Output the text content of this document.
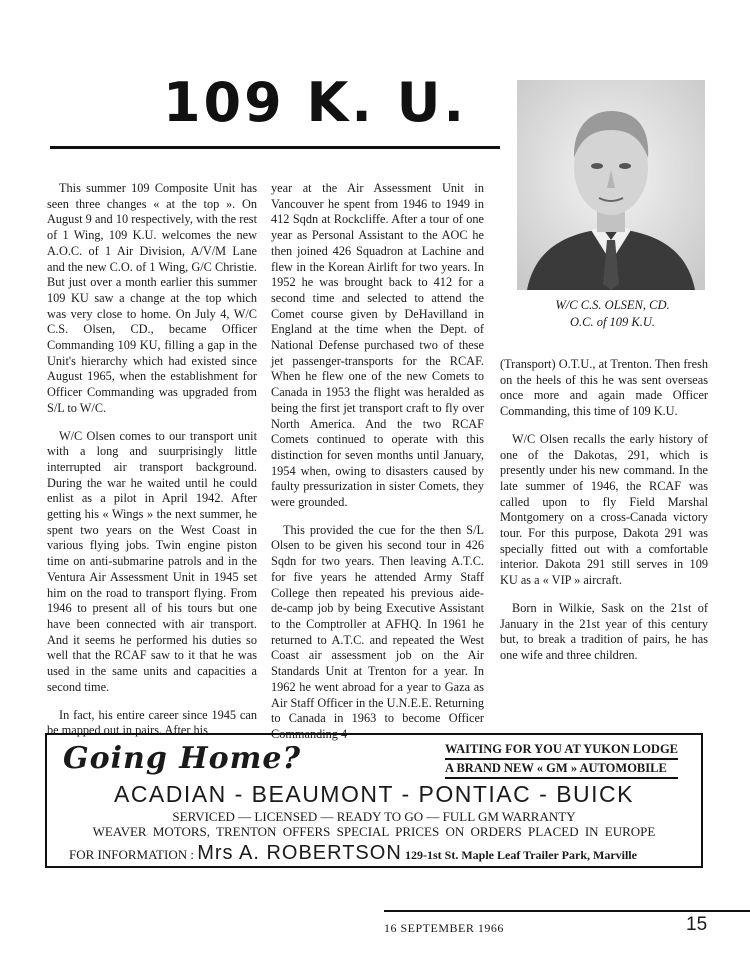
109 K. U.
W/C C.S. OLSEN, CD.
O.C. of 109 K.U.

This summer 109 Composite Unit has seen three changes « at the top ». On August 9 and 10 respectively, with the rest of 1 Wing, 109 K.U. welcomes the new A.O.C. of 1 Air Division, A/V/M Lane and the new C.O. of 1 Wing, G/C Christie. But just over a month earlier this summer 109 KU saw a change at the top which was very close to home. On July 4, W/C C.S. Olsen, CD., became Officer Commanding 109 KU, filling a gap in the Unit's hierarchy which had existed since August 1965, when the establishment for Officer Commanding was upgraded from S/L to W/C.

W/C Olsen comes to our transport unit with a long and suurprisingly little interrupted air transport background. During the war he waited until he could enlist as a pilot in April 1942. After getting his « Wings » the next summer, he spent two years on the West Coast in various flying jobs. Twin engine piston time on anti-submarine patrols and in the Ventura Air Assessment Unit in 1945 set him on the road to transport flying. From 1946 to present all of his tours but one have been connected with air transport. And it seems he performed his duties so well that the RCAF saw to it that he was used in the same units and capacities a second time.

In fact, his entire career since 1945 can be mapped out in pairs. After his

year at the Air Assessment Unit in Vancouver he spent from 1946 to 1949 in 412 Sqdn at Rockcliffe. After a tour of one year as Personal Assistant to the AOC he then joined 426 Squadron at Lachine and flew in the Korean Airlift for two years. In 1952 he was brought back to 412 for a second time and selected to attend the Comet course given by DeHavilland in England at the time when the Dept. of National Defense purchased two of these jet passenger-transports for the RCAF. When he flew one of the new Comets to Canada in 1953 the flight was heralded as being the first jet transport craft to fly over North America. And the two RCAF Comets continued to operate with this distinction for seven months until January, 1954 when, owing to disasters caused by faulty pressurization in sister Comets, they were grounded.

This provided the cue for the then S/L Olsen to be given his second tour in 426 Sqdn for two years. Then leaving A.T.C. for five years he attended Army Staff College then repeated his previous aide-de-camp job by being Executive Assistant to the Comptroller at AFHQ. In 1961 he returned to A.T.C. and repeated the West Coast air assessment job on the Air Standards Unit at Trenton for a year. In 1962 he went abroad for a year to Gaza as Air Staff Officer in the U.N.E.E. Returning to Canada in 1963 to become Officer Commanding 4

(Transport) O.T.U., at Trenton. Then fresh on the heels of this he was sent overseas once more and again made Officer Commanding, this time of 109 K.U.

W/C Olsen recalls the early history of one of the Dakotas, 291, which is presently under his new command. In the late summer of 1946, the RCAF was called upon to fly Field Marshal Montgomery on a cross-Canada victory tour. For this purpose, Dakota 291 was specially fitted out with a comfortable interior. Dakota 291 still serves in 109 KU as a « VIP » aircraft.

Born in Wilkie, Sask on the 21st of January in the 21st year of this century but, to break a tradition of pairs, he has one wife and three children.

Going Home?	WAITING FOR YOU AT YUKON LODGE
A BRAND NEW « GM » AUTOMOBILE
ACADIAN - BEAUMONT - PONTIAC - BUICK
SERVICED — LICENSED — READY TO GO — FULL GM WARRANTY
WEAVER MOTORS, TRENTON OFFERS SPECIAL PRICES ON ORDERS PLACED IN EUROPE
FOR INFORMATION : Mrs A. ROBERTSON 129-1st St. Maple Leaf Trailer Park, Marville
16 SEPTEMBER 1966	15
